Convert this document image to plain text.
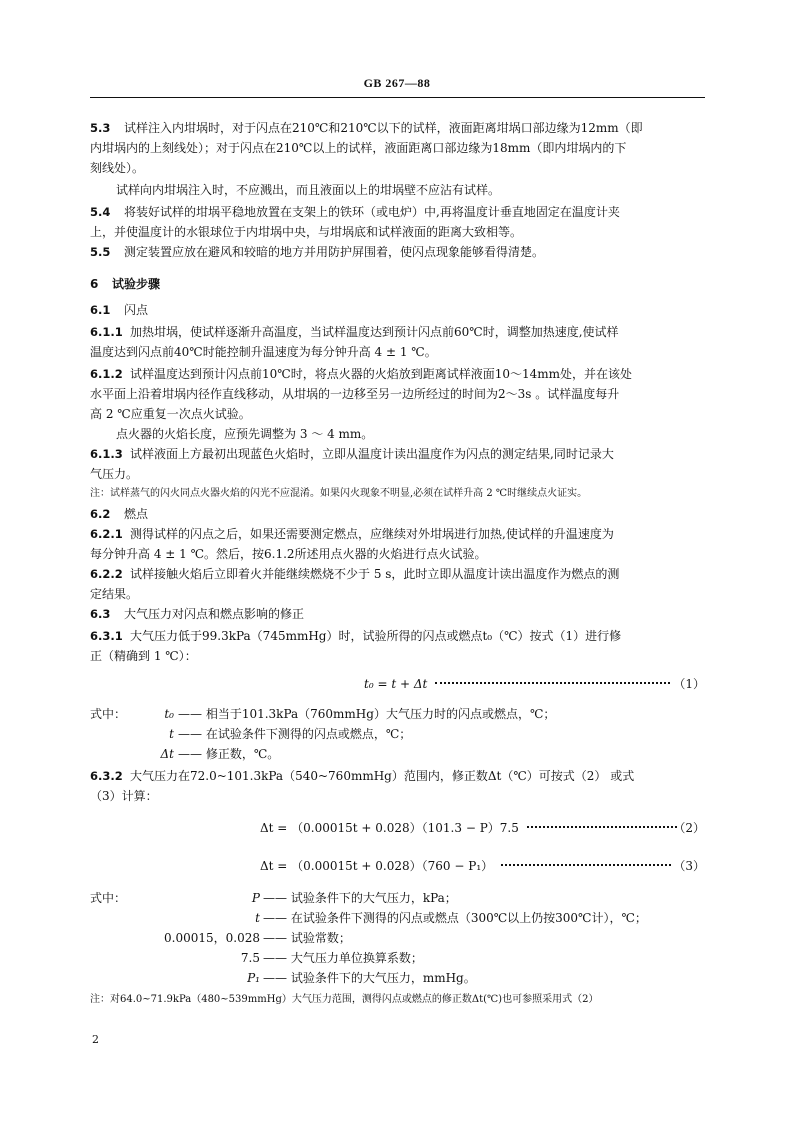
GB 267—88
5.3 试样注入内坩埚时，对于闪点在210℃和210℃以下的试样，液面距离坩埚口部边缘为12mm（即
内坩埚内的上刻线处）；对于闪点在210℃以上的试样，液面距离口部边缘为18mm（即内坩埚内的下
刻线处）。
试样向内坩埚注入时，不应溅出，而且液面以上的坩埚壁不应沾有试样。
5.4 将装好试样的坩埚平稳地放置在支架上的铁环（或电炉）中,再将温度计垂直地固定在温度计夹
上，并使温度计的水银球位于内坩埚中央，与坩埚底和试样液面的距离大致相等。
5.5 测定装置应放在避风和较暗的地方并用防护屏围着，使闪点现象能够看得清楚。
6 试验步骤
6.1 闪点
6.1.1 加热坩埚，使试样逐渐升高温度，当试样温度达到预计闪点前60℃时，调整加热速度,使试样
温度达到闪点前40℃时能控制升温速度为每分钟升高 4 ± 1 ℃。
6.1.2 试样温度达到预计闪点前10℃时，将点火器的火焰放到距离试样液面10～14mm处，并在该处
水平面上沿着坩埚内径作直线移动，从坩埚的一边移至另一边所经过的时间为2～3s 。试样温度每升
高 2 ℃应重复一次点火试验。
点火器的火焰长度，应预先调整为 3 ～ 4 mm。
6.1.3 试样液面上方最初出现蓝色火焰时，立即从温度计读出温度作为闪点的测定结果,同时记录大
气压力。
注：试样蒸气的闪火同点火器火焰的闪光不应混淆。如果闪火现象不明显,必须在试样升高 2 ℃时继续点火证实。
6.2 燃点
6.2.1 测得试样的闪点之后，如果还需要测定燃点，应继续对外坩埚进行加热,使试样的升温速度为
每分钟升高 4 ± 1 ℃。然后，按6.1.2所述用点火器的火焰进行点火试验。
6.2.2 试样接触火焰后立即着火并能继续燃烧不少于 5 s，此时立即从温度计读出温度作为燃点的测
定结果。
6.3 大气压力对闪点和燃点影响的修正
6.3.1 大气压力低于99.3kPa（745mmHg）时，试验所得的闪点或燃点t₀（℃）按式（1）进行修
正（精确到 1 ℃）：
t₀ = t + Δt	（1）
式中：	t₀ —— 相当于101.3kPa（760mmHg）大气压力时的闪点或燃点，℃；
t —— 在试验条件下测得的闪点或燃点，℃；
Δt —— 修正数，℃。
6.3.2 大气压力在72.0~101.3kPa（540~760mmHg）范围内，修正数Δt（℃）可按式（2） 或式
（3）计算：
Δt = （0.00015t + 0.028）（101.3 − P）7.5	（2）
Δt = （0.00015t + 0.028）（760 − P₁）	（3）
式中：	P —— 试验条件下的大气压力，kPa；
t —— 在试验条件下测得的闪点或燃点（300℃以上仍按300℃计），℃；
0.00015，0.028 —— 试验常数；
7.5 —— 大气压力单位换算系数；
P₁ —— 试验条件下的大气压力，mmHg。
注：对64.0~71.9kPa（480~539mmHg）大气压力范围，测得闪点或燃点的修正数Δt(℃)也可参照采用式（2）
2
